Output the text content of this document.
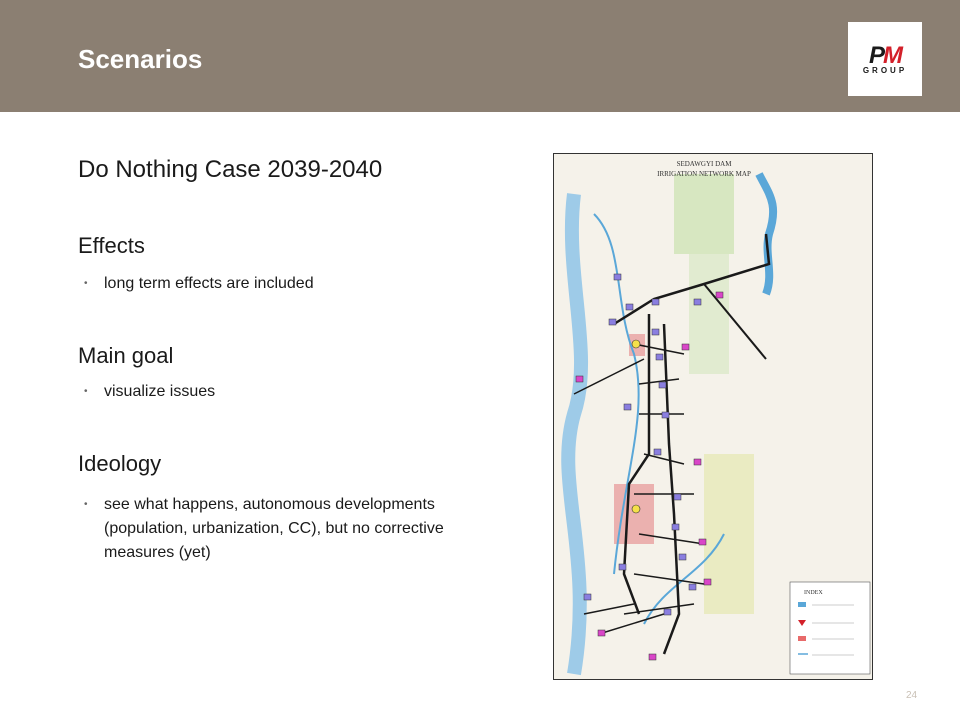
Scenarios	PM
GROUP
Do Nothing Case 2039-2040
Effects
• long term effects are included
Main goal
• visualize issues
Ideology
• see what happens, autonomous developments (population, urbanization, CC), but no corrective measures (yet)
SEDAWGYI DAM
IRRIGATION NETWORK MAP
INDEX
24
